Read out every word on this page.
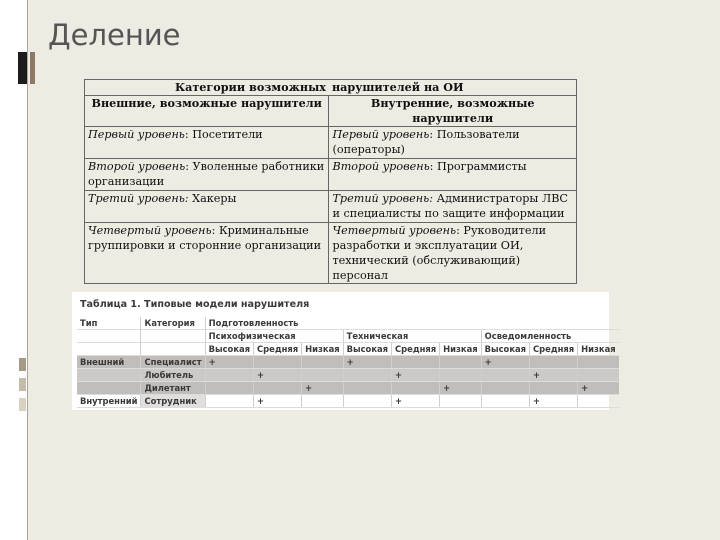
Деление
Категории возможных	нарушителей на ОИ
Внешние, возможные нарушители	Внутренние, возможные нарушители
Первый уровень: Посетители	Первый уровень: Пользователи (операторы)
Второй уровень: Уволенные работники организации	Второй уровень: Программисты
Третий уровень: Хакеры	Третий уровень: Администраторы ЛВС и специалисты по защите информации
Четвертый уровень: Криминальные группировки и сторонние организации	Четвертый уровень: Руководители разработки и эксплуатации ОИ, технический (обслуживающий) персонал
Таблица 1. Типовые модели нарушителя
Тип	Категория	Подготовленность								
		Психофизическая			Техническая			Осведомленность		
		Высокая	Средняя	Низкая	Высокая	Средняя	Низкая	Высокая	Средняя	Низкая
Внешний	Специалист	+			+			+		
	Любитель		+			+			+	
	Дилетант			+			+			+
Внутренний	Сотрудник		+			+			+	
